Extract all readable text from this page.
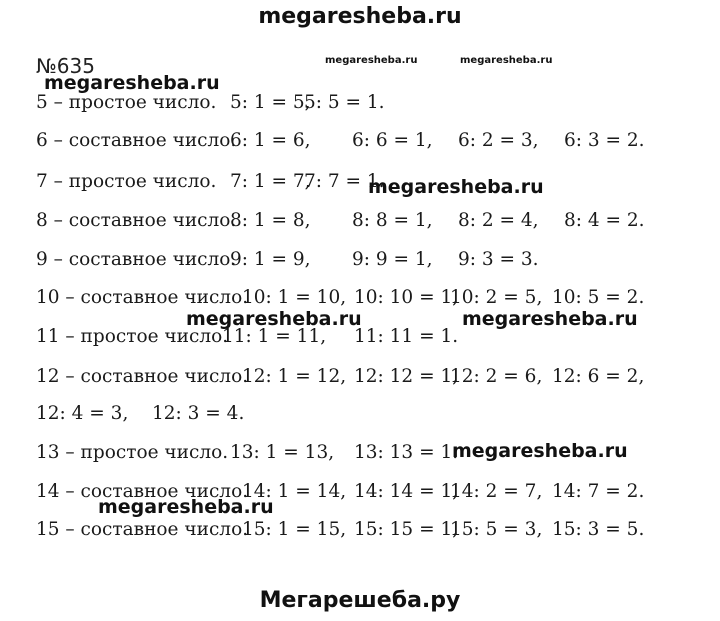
megaresheba.ru
№635
5 – простое число. 5: 1 = 5,
5: 5 = 1.
6 – составное число.
6: 1 = 6, 6: 6 = 1, 6: 2 = 3, 6: 3 = 2.
7 – простое число. 7: 1 = 7,
7: 7 = 1.
8 – составное число.
8: 1 = 8, 8: 8 = 1, 8: 2 = 4, 8: 4 = 2.
9 – составное число.
9: 1 = 9, 9: 9 = 1, 9: 3 = 3.
10 – составное число.
10: 1 = 10, 10: 10 = 1,
10: 2 = 5, 10: 5 = 2.
11 – простое число.
11: 1 = 11, 11: 11 = 1.
12 – составное число.
12: 1 = 12, 12: 12 = 1,
12: 2 = 6, 12: 6 = 2,
12: 4 = 3, 12: 3 = 4.
13 – простое число. 13: 1 = 13, 13: 13 = 1.
14 – составное число.
14: 1 = 14, 14: 14 = 1,
14: 2 = 7, 14: 7 = 2.
15 – составное число.
15: 1 = 15, 15: 15 = 1,
15: 5 = 3, 15: 3 = 5.
megaresheba.ru	megaresheba.ru
megaresheba.ru
megaresheba.ru
megaresheba.ru	megaresheba.ru
megaresheba.ru
megaresheba.ru
Мегарешеба.ру
